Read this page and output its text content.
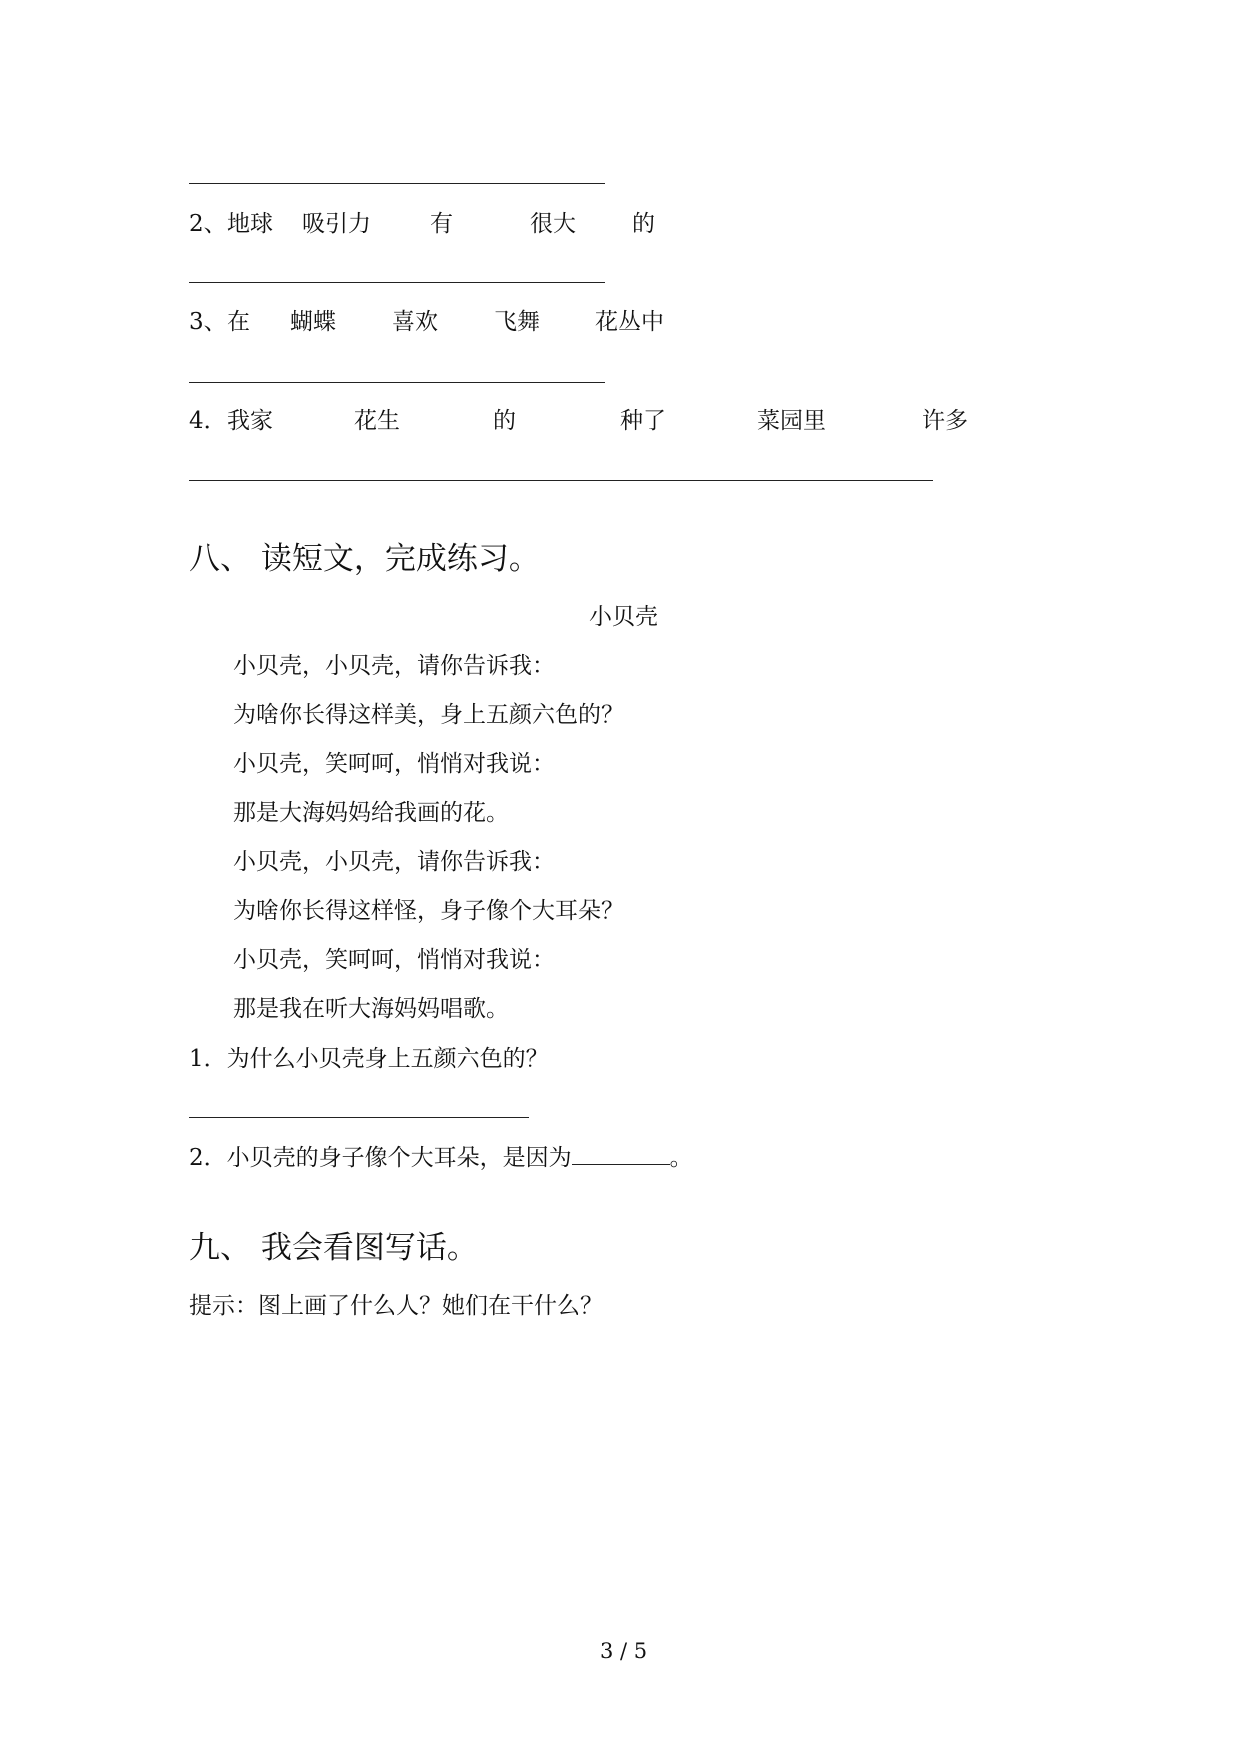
2、 地球 吸引力	有	很大 的
3、 在 蝴蝶 喜欢 飞舞 花丛中
4． 我家	花生	的	种了	菜园里	许多
八、 读短文，完成练习。
小贝壳
小贝壳，小贝壳，请你告诉我：
为啥你长得这样美，身上五颜六色的？
小贝壳，笑呵呵，悄悄对我说：
那是大海妈妈给我画的花。
小贝壳，小贝壳，请你告诉我：
为啥你长得这样怪，身子像个大耳朵？
小贝壳，笑呵呵，悄悄对我说：
那是我在听大海妈妈唱歌。
1．为什么小贝壳身上五颜六色的？
2．小贝壳的身子像个大耳朵，是因为	。
九、 我会看图写话。
提示：图上画了什么人？她们在干什么？
3 / 5
